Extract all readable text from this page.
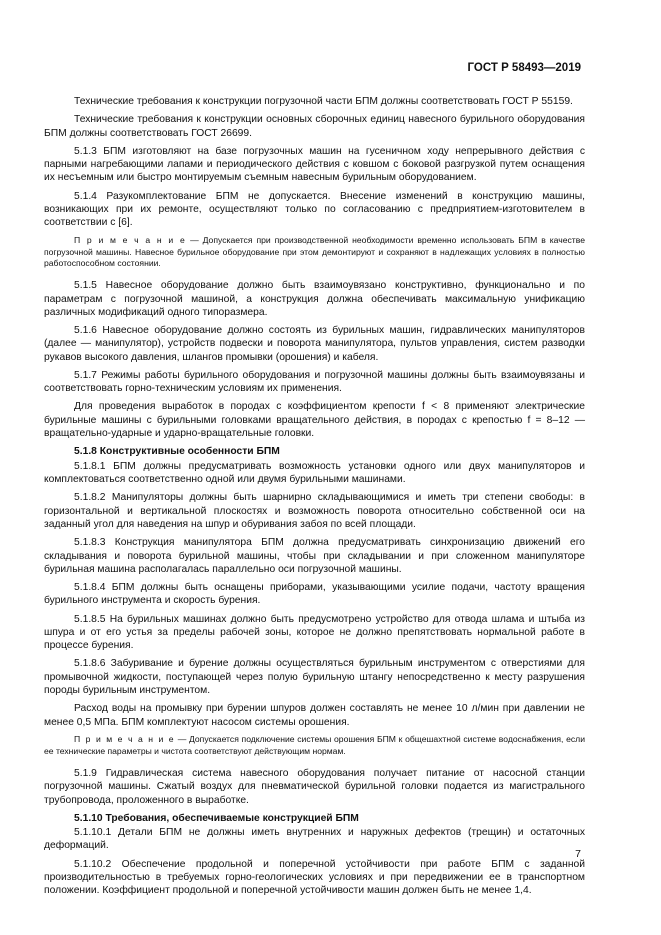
ГОСТ Р 58493—2019

Технические требования к конструкции погрузочной части БПМ должны соответствовать ГОСТ Р 55159.

Технические требования к конструкции основных сборочных единиц навесного бурильного оборудования БПМ должны соответствовать ГОСТ 26699.

5.1.3 БПМ изготовляют на базе погрузочных машин на гусеничном ходу непрерывного действия с парными нагребающими лапами и периодического действия с ковшом с боковой разгрузкой путем оснащения их несъемным или быстро монтируемым съемным навесным бурильным оборудованием.

5.1.4 Разукомплектование БПМ не допускается. Внесение изменений в конструкцию машины, возникающих при их ремонте, осуществляют только по согласованию с предприятием-изготовителем в соответствии с [6].

П р и м е ч а н и е — Допускается при производственной необходимости временно использовать БПМ в качестве погрузочной машины. Навесное бурильное оборудование при этом демонтируют и сохраняют в надлежащих условиях в полностью работоспособном состоянии.

5.1.5 Навесное оборудование должно быть взаимоувязано конструктивно, функционально и по параметрам с погрузочной машиной, а конструкция должна обеспечивать максимальную унификацию различных модификаций одного типоразмера.

5.1.6 Навесное оборудование должно состоять из бурильных машин, гидравлических манипуляторов (далее — манипулятор), устройств подвески и поворота манипулятора, пультов управления, систем разводки рукавов высокого давления, шлангов промывки (орошения) и кабеля.

5.1.7 Режимы работы бурильного оборудования и погрузочной машины должны быть взаимоувязаны и соответствовать горно-техническим условиям их применения.

Для проведения выработок в породах с коэффициентом крепости f < 8 применяют электрические бурильные машины с бурильными головками вращательного действия, в породах с крепостью f = 8–12 — вращательно-ударные и ударно-вращательные головки.

5.1.8 Конструктивные особенности БПМ

5.1.8.1 БПМ должны предусматривать возможность установки одного или двух манипуляторов и комплектоваться соответственно одной или двумя бурильными машинами.

5.1.8.2 Манипуляторы должны быть шарнирно складывающимися и иметь три степени свободы: в горизонтальной и вертикальной плоскостях и возможность поворота относительно собственной оси на заданный угол для наведения на шпур и обуривания забоя по всей площади.

5.1.8.3 Конструкция манипулятора БПМ должна предусматривать синхронизацию движений его складывания и поворота бурильной машины, чтобы при складывании и при сложенном манипуляторе бурильная машина располагалась параллельно оси погрузочной машины.

5.1.8.4 БПМ должны быть оснащены приборами, указывающими усилие подачи, частоту вращения бурильного инструмента и скорость бурения.

5.1.8.5 На бурильных машинах должно быть предусмотрено устройство для отвода шлама и штыба из шпура и от его устья за пределы рабочей зоны, которое не должно препятствовать нормальной работе в процессе бурения.

5.1.8.6 Забуривание и бурение должны осуществляться бурильным инструментом с отверстиями для промывочной жидкости, поступающей через полую бурильную штангу непосредственно к месту разрушения породы бурильным инструментом.

Расход воды на промывку при бурении шпуров должен составлять не менее 10 л/мин при давлении не менее 0,5 МПа. БПМ комплектуют насосом системы орошения.

П р и м е ч а н и е — Допускается подключение системы орошения БПМ к общешахтной системе водоснабжения, если ее технические параметры и чистота соответствуют действующим нормам.

5.1.9 Гидравлическая система навесного оборудования получает питание от насосной станции погрузочной машины. Сжатый воздух для пневматической бурильной головки подается из магистрального трубопровода, проложенного в выработке.

5.1.10 Требования, обеспечиваемые конструкцией БПМ

5.1.10.1 Детали БПМ не должны иметь внутренних и наружных дефектов (трещин) и остаточных деформаций.

5.1.10.2 Обеспечение продольной и поперечной устойчивости при работе БПМ с заданной производительностью в требуемых горно-геологических условиях и при передвижении ее в транспортном положении. Коэффициент продольной и поперечной устойчивости машин должен быть не менее 1,4.

7
